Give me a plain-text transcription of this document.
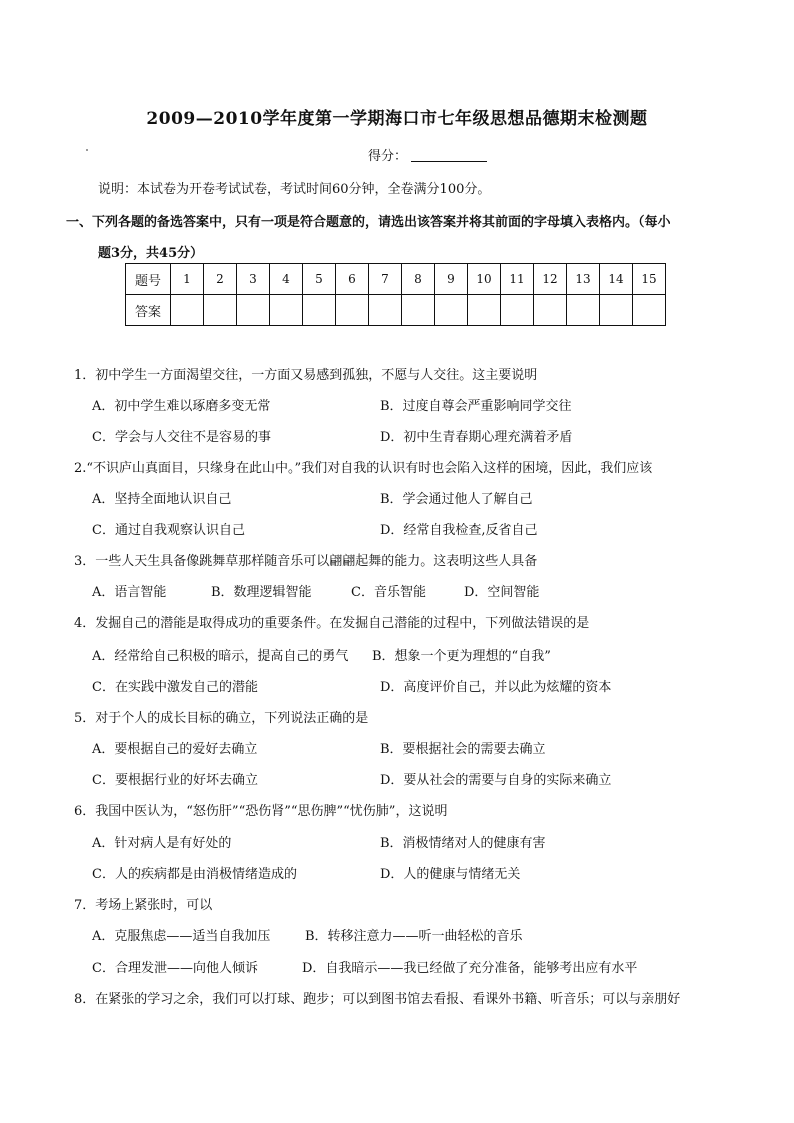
2009—2010学年度第一学期海口市七年级思想品德期末检测题
得分：
说明：本试卷为开卷考试试卷，考试时间60分钟，全卷满分100分。
一、下列各题的备选答案中，只有一项是符合题意的，请选出该答案并将其前面的字母填入表格内。（每小
题3分，共45分）
题号	1	2	3	4	5	6	7	8	9	10	11	12	13	14	15
答案															
1．初中学生一方面渴望交往，一方面又易感到孤独，不愿与人交往。这主要说明
A．初中学生难以琢磨多变无常	B．过度自尊会严重影响同学交往
C．学会与人交往不是容易的事	D．初中生青春期心理充满着矛盾
2.“不识庐山真面目，只缘身在此山中。”我们对自我的认识有时也会陷入这样的困境，因此，我们应该
A．坚持全面地认识自己	B．学会通过他人了解自己
C．通过自我观察认识自己	D．经常自我检查,反省自己
3．一些人天生具备像跳舞草那样随音乐可以翩翩起舞的能力。这表明这些人具备
A．语言智能	B．数理逻辑智能	C．音乐智能	D．空间智能
4．发掘自己的潜能是取得成功的重要条件。在发掘自己潜能的过程中，下列做法错误的是
A．经常给自己积极的暗示，提高自己的勇气 B．想象一个更为理想的“自我”
C．在实践中激发自己的潜能	D．高度评价自己，并以此为炫耀的资本
5．对于个人的成长目标的确立，下列说法正确的是
A．要根据自己的爱好去确立	B．要根据社会的需要去确立
C．要根据行业的好坏去确立	D．要从社会的需要与自身的实际来确立
6．我国中医认为，“怒伤肝”“恐伤肾”“思伤脾”“忧伤肺”，这说明
A．针对病人是有好处的	B．消极情绪对人的健康有害
C．人的疾病都是由消极情绪造成的	D．人的健康与情绪无关
7．考场上紧张时，可以
A．克服焦虑——适当自我加压	B．转移注意力——听一曲轻松的音乐
C．合理发泄——向他人倾诉	D．自我暗示——我已经做了充分准备，能够考出应有水平
8．在紧张的学习之余，我们可以打球、跑步；可以到图书馆去看报、看课外书籍、听音乐；可以与亲朋好
